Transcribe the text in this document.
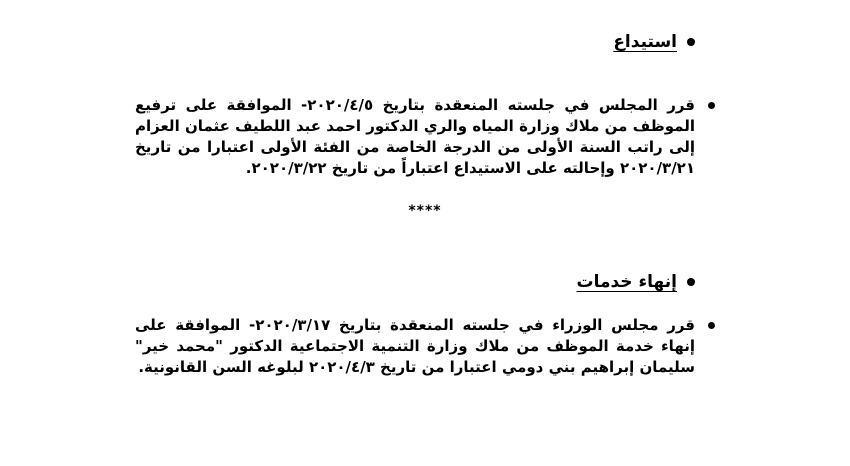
استيداع
قرر المجلس في جلسته المنعقدة بتاريخ ٢٠٢٠/٤/٥- الموافقة على ترفيع الموظف من ملاك وزارة المياه والري الدكتور احمد عبد اللطيف عثمان العزام إلى راتب السنة الأولى من الدرجة الخاصة من الفئة الأولى اعتبارا من تاريخ ٢٠٢٠/٣/٢١ وإحالته على الاستيداع اعتباراً من تاريخ ٢٠٢٠/٣/٢٢.
****
إنهاء خدمات
قرر مجلس الوزراء في جلسته المنعقدة بتاريخ ٢٠٢٠/٣/١٧- الموافقة على إنهاء خدمة الموظف من ملاك وزارة التنمية الاجتماعية الدكتور "محمد خير" سليمان إبراهيم بني دومي اعتبارا من تاريخ ٢٠٢٠/٤/٣ لبلوغه السن القانونية.
